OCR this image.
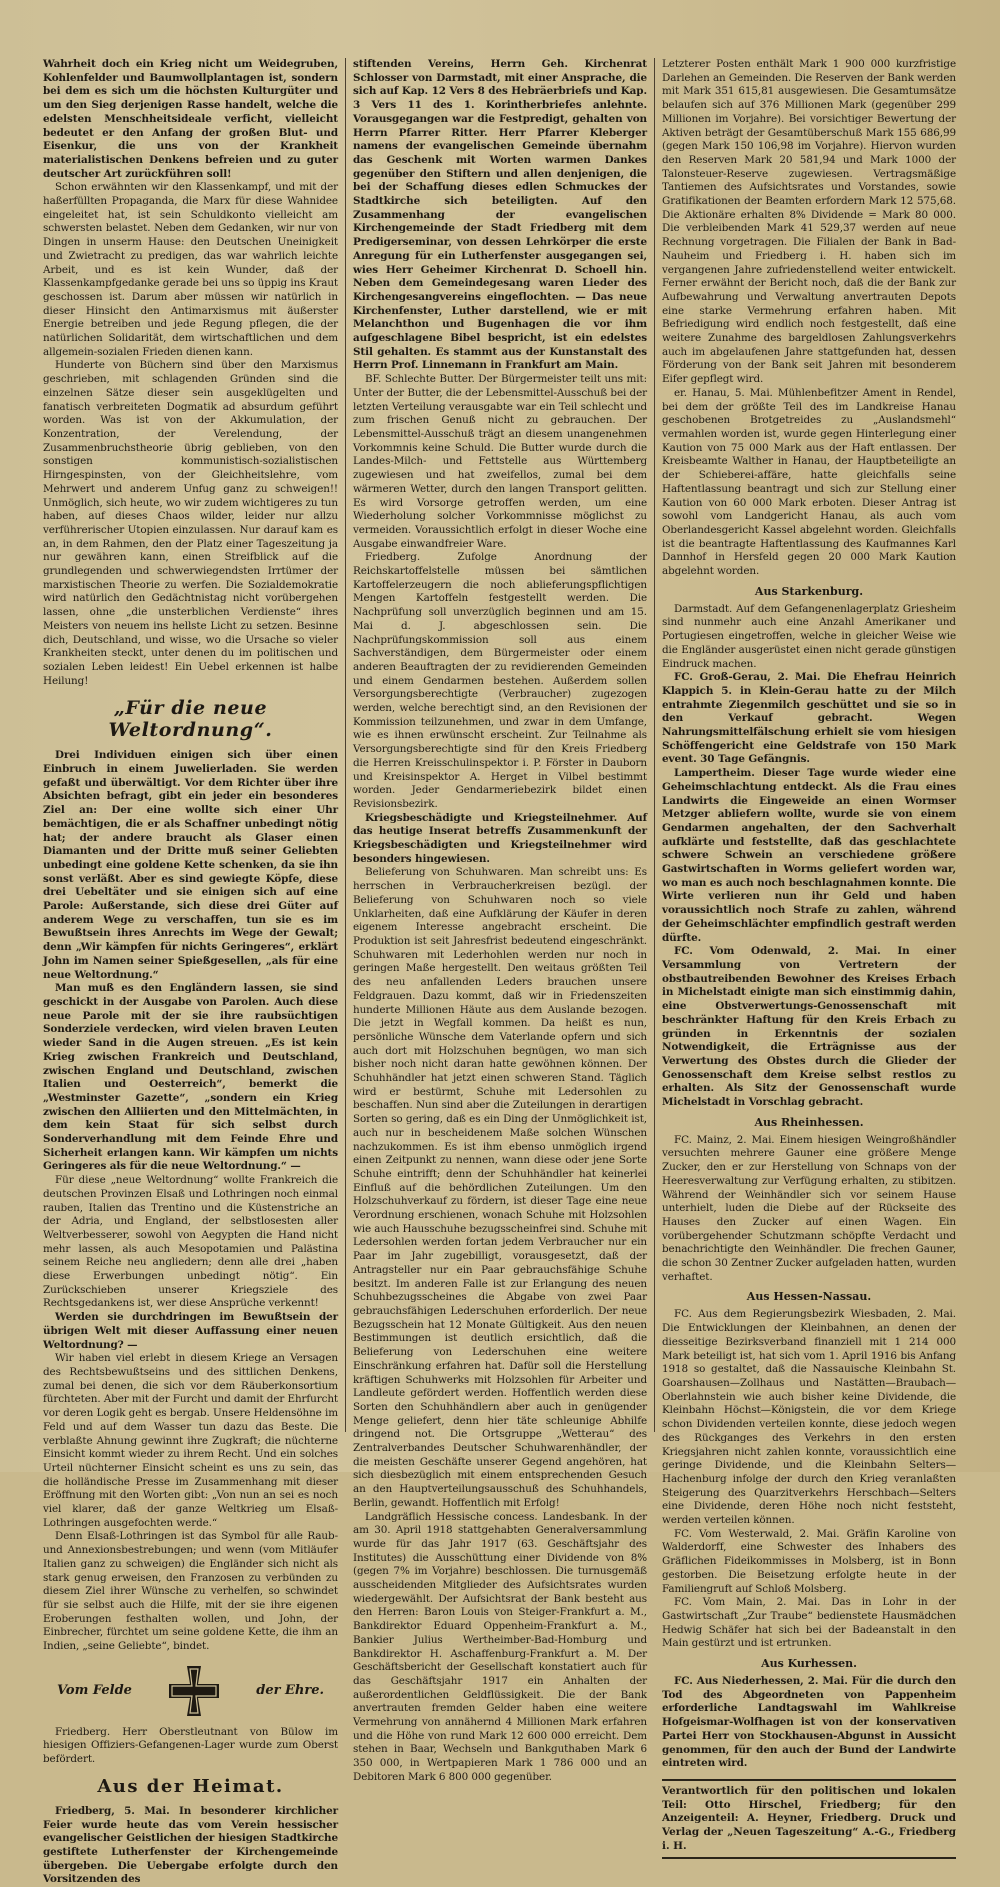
Wahrheit doch ein Krieg nicht um Weidegruben, Kohlenfelder und Baumwollplantagen ist, sondern bei dem es sich um die höchsten Kulturgüter und um den Sieg derjenigen Rasse handelt, welche die edelsten Menschheitsideale verficht, vielleicht bedeutet er den Anfang der großen Blut- und Eisenkur, die uns von der Krankheit materialistischen Denkens befreien und zu guter deutscher Art zurückführen soll!

Schon erwähnten wir den Klassenkampf, und mit der haßerfüllten Propaganda, die Marx für diese Wahnidee eingeleitet hat, ist sein Schuldkonto vielleicht am schwersten belastet. Neben dem Gedanken, wir nur von Dingen in unserm Hause: den Deutschen Uneinigkeit und Zwietracht zu predigen, das war wahrlich leichte Arbeit, und es ist kein Wunder, daß der Klassenkampfgedanke gerade bei uns so üppig ins Kraut geschossen ist. Darum aber müssen wir natürlich in dieser Hinsicht den Antimarxismus mit äußerster Energie betreiben und jede Regung pflegen, die der natürlichen Solidarität, dem wirtschaftlichen und dem allgemein-sozialen Frieden dienen kann.

Hunderte von Büchern sind über den Marxismus geschrieben, mit schlagenden Gründen sind die einzelnen Sätze dieser sein ausgeklügelten und fanatisch verbreiteten Dogmatik ad absurdum geführt worden. Was ist von der Akkumulation, der Konzentration, der Verelendung, der Zusammenbruchstheorie übrig geblieben, von den sonstigen kommunistisch-sozialistischen Hirngespinsten, von der Gleichheitslehre, vom Mehrwert und anderem Unfug ganz zu schweigen!! Unmöglich, sich heute, wo wir zudem wichtigeres zu tun haben, auf dieses Chaos wilder, leider nur allzu verführerischer Utopien einzulassen. Nur darauf kam es an, in dem Rahmen, den der Platz einer Tageszeitung ja nur gewähren kann, einen Streifblick auf die grundlegenden und schwerwiegendsten Irrtümer der marxistischen Theorie zu werfen. Die Sozialdemokratie wird natürlich den Gedächtnistag nicht vorübergehen lassen, ohne „die unsterblichen Verdienste“ ihres Meisters von neuem ins hellste Licht zu setzen. Besinne dich, Deutschland, und wisse, wo die Ursache so vieler Krankheiten steckt, unter denen du im politischen und sozialen Leben leidest! Ein Uebel erkennen ist halbe Heilung!

„Für die neue Weltordnung“.

Drei Individuen einigen sich über einen Einbruch in einem Juwelierladen. Sie werden gefaßt und überwältigt. Vor dem Richter über ihre Absichten befragt, gibt ein jeder ein besonderes Ziel an: Der eine wollte sich einer Uhr bemächtigen, die er als Schaffner unbedingt nötig hat; der andere braucht als Glaser einen Diamanten und der Dritte muß seiner Geliebten unbedingt eine goldene Kette schenken, da sie ihn sonst verläßt. Aber es sind gewiegte Köpfe, diese drei Uebeltäter und sie einigen sich auf eine Parole: Außerstande, sich diese drei Güter auf anderem Wege zu verschaffen, tun sie es im Bewußtsein ihres Anrechts im Wege der Gewalt; denn „Wir kämpfen für nichts Geringeres“, erklärt John im Namen seiner Spießgesellen, „als für eine neue Weltordnung.“

Man muß es den Engländern lassen, sie sind geschickt in der Ausgabe von Parolen. Auch diese neue Parole mit der sie ihre raubsüchtigen Sonderziele verdecken, wird vielen braven Leuten wieder Sand in die Augen streuen. „Es ist kein Krieg zwischen Frankreich und Deutschland, zwischen England und Deutschland, zwischen Italien und Oesterreich“, bemerkt die „Westminster Gazette“, „sondern ein Krieg zwischen den Alliierten und den Mittelmächten, in dem kein Staat für sich selbst durch Sonderverhandlung mit dem Feinde Ehre und Sicherheit erlangen kann. Wir kämpfen um nichts Geringeres als für die neue Weltordnung.“ —

Für diese „neue Weltordnung“ wollte Frankreich die deutschen Provinzen Elsaß und Lothringen noch einmal rauben, Italien das Trentino und die Küstenstriche an der Adria, und England, der selbstlosesten aller Weltverbesserer, sowohl von Aegypten die Hand nicht mehr lassen, als auch Mesopotamien und Palästina seinem Reiche neu angliedern; denn alle drei „haben diese Erwerbungen unbedingt nötig“. Ein Zurückschieben unserer Kriegsziele des Rechtsgedankens ist, wer diese Ansprüche verkennt!

Werden sie durchdringen im Bewußtsein der übrigen Welt mit dieser Auffassung einer neuen Weltordnung? —

Wir haben viel erlebt in diesem Kriege an Versagen des Rechtsbewußtseins und des sittlichen Denkens, zumal bei denen, die sich vor dem Räuberkonsortium fürchteten. Aber mit der Furcht und damit der Ehrfurcht vor deren Logik geht es bergab. Unsere Heldensöhne im Feld und auf dem Wasser tun dazu das Beste. Die verblaßte Ahnung gewinnt ihre Zugkraft; die nüchterne Einsicht kommt wieder zu ihrem Recht. Und ein solches Urteil nüchterner Einsicht scheint es uns zu sein, das die holländische Presse im Zusammenhang mit dieser Eröffnung mit den Worten gibt: „Von nun an sei es noch viel klarer, daß der ganze Weltkrieg um Elsaß-Lothringen ausgefochten werde.“

Denn Elsaß-Lothringen ist das Symbol für alle Raub- und Annexionsbestrebungen; und wenn (vom Mitläufer Italien ganz zu schweigen) die Engländer sich nicht als stark genug erweisen, den Franzosen zu verbünden zu diesem Ziel ihrer Wünsche zu verhelfen, so schwindet für sie selbst auch die Hilfe, mit der sie ihre eigenen Eroberungen festhalten wollen, und John, der Einbrecher, fürchtet um seine goldene Kette, die ihm an Indien, „seine Geliebte“, bindet.

Vom Felde	der Ehre.

Friedberg. Herr Oberstleutnant von Bülow im hiesigen Offiziers-Gefangenen-Lager wurde zum Oberst befördert.

Aus der Heimat.

Friedberg, 5. Mai. In besonderer kirchlicher Feier wurde heute das vom Verein hessischer evangelischer Geistlichen der hiesigen Stadtkirche gestiftete Lutherfenster der Kirchengemeinde übergeben. Die Uebergabe erfolgte durch den Vorsitzenden des

stiftenden Vereins, Herrn Geh. Kirchenrat Schlosser von Darmstadt, mit einer Ansprache, die sich auf Kap. 12 Vers 8 des Hebräerbriefs und Kap. 3 Vers 11 des 1. Korintherbriefes anlehnte. Vorausgegangen war die Festpredigt, gehalten von Herrn Pfarrer Ritter. Herr Pfarrer Kleberger namens der evangelischen Gemeinde übernahm das Geschenk mit Worten warmen Dankes gegenüber den Stiftern und allen denjenigen, die bei der Schaffung dieses edlen Schmuckes der Stadtkirche sich beteiligten. Auf den Zusammenhang der evangelischen Kirchengemeinde der Stadt Friedberg mit dem Predigerseminar, von dessen Lehrkörper die erste Anregung für ein Lutherfenster ausgegangen sei, wies Herr Geheimer Kirchenrat D. Schoell hin. Neben dem Gemeindegesang waren Lieder des Kirchengesangvereins eingeflochten. — Das neue Kirchenfenster, Luther darstellend, wie er mit Melanchthon und Bugenhagen die vor ihm aufgeschlagene Bibel bespricht, ist ein edelstes Stil gehalten. Es stammt aus der Kunstanstalt des Herrn Prof. Linnemann in Frankfurt am Main.

BF. Schlechte Butter. Der Bürgermeister teilt uns mit: Unter der Butter, die der Lebensmittel-Ausschuß bei der letzten Verteilung verausgabte war ein Teil schlecht und zum frischen Genuß nicht zu gebrauchen. Der Lebensmittel-Ausschuß trägt an diesem unangenehmen Vorkommnis keine Schuld. Die Butter wurde durch die Landes-Milch- und Fettstelle aus Württemberg zugewiesen und hat zweifellos, zumal bei dem wärmeren Wetter, durch den langen Transport gelitten. Es wird Vorsorge getroffen werden, um eine Wiederholung solcher Vorkommnisse möglichst zu vermeiden. Voraussichtlich erfolgt in dieser Woche eine Ausgabe einwandfreier Ware.

Friedberg. Zufolge Anordnung der Reichskartoffelstelle müssen bei sämtlichen Kartoffelerzeugern die noch ablieferungspflichtigen Mengen Kartoffeln festgestellt werden. Die Nachprüfung soll unverzüglich beginnen und am 15. Mai d. J. abgeschlossen sein. Die Nachprüfungskommission soll aus einem Sachverständigen, dem Bürgermeister oder einem anderen Beauftragten der zu revidierenden Gemeinden und einem Gendarmen bestehen. Außerdem sollen Versorgungsberechtigte (Verbraucher) zugezogen werden, welche berechtigt sind, an den Revisionen der Kommission teilzunehmen, und zwar in dem Umfange, wie es ihnen erwünscht erscheint. Zur Teilnahme als Versorgungsberechtigte sind für den Kreis Friedberg die Herren Kreisschulinspektor i. P. Förster in Dauborn und Kreisinspektor A. Herget in Vilbel bestimmt worden. Jeder Gendarmeriebezirk bildet einen Revisionsbezirk.

Kriegsbeschädigte und Kriegsteilnehmer. Auf das heutige Inserat betreffs Zusammenkunft der Kriegsbeschädigten und Kriegsteilnehmer wird besonders hingewiesen.

Belieferung von Schuhwaren. Man schreibt uns: Es herrschen in Verbraucherkreisen bezügl. der Belieferung von Schuhwaren noch so viele Unklarheiten, daß eine Aufklärung der Käufer in deren eigenem Interesse angebracht erscheint. Die Produktion ist seit Jahresfrist bedeutend eingeschränkt. Schuhwaren mit Lederhohlen werden nur noch in geringen Maße hergestellt. Den weitaus größten Teil des neu anfallenden Leders brauchen unsere Feldgrauen. Dazu kommt, daß wir in Friedenszeiten hunderte Millionen Häute aus dem Auslande bezogen. Die jetzt in Wegfall kommen. Da heißt es nun, persönliche Wünsche dem Vaterlande opfern und sich auch dort mit Holzschuhen begnügen, wo man sich bisher noch nicht daran hatte gewöhnen können. Der Schuhhändler hat jetzt einen schweren Stand. Täglich wird er bestürmt, Schuhe mit Ledersohlen zu beschaffen. Nun sind aber die Zuteilungen in derartigen Sorten so gering, daß es ein Ding der Unmöglichkeit ist, auch nur in bescheidenem Maße solchen Wünschen nachzukommen. Es ist ihm ebenso unmöglich irgend einen Zeitpunkt zu nennen, wann diese oder jene Sorte Schuhe eintrifft; denn der Schuhhändler hat keinerlei Einfluß auf die behördlichen Zuteilungen. Um den Holzschuhverkauf zu fördern, ist dieser Tage eine neue Verordnung erschienen, wonach Schuhe mit Holzsohlen wie auch Hausschuhe bezugsscheinfrei sind. Schuhe mit Ledersohlen werden fortan jedem Verbraucher nur ein Paar im Jahr zugebilligt, vorausgesetzt, daß der Antragsteller nur ein Paar gebrauchsfähige Schuhe besitzt. Im anderen Falle ist zur Erlangung des neuen Schuhbezugsscheines die Abgabe von zwei Paar gebrauchsfähigen Lederschuhen erforderlich. Der neue Bezugsschein hat 12 Monate Gültigkeit. Aus den neuen Bestimmungen ist deutlich ersichtlich, daß die Belieferung von Lederschuhen eine weitere Einschränkung erfahren hat. Dafür soll die Herstellung kräftigen Schuhwerks mit Holzsohlen für Arbeiter und Landleute gefördert werden. Hoffentlich werden diese Sorten den Schuhhändlern aber auch in genügender Menge geliefert, denn hier täte schleunige Abhilfe dringend not. Die Ortsgruppe „Wetterau“ des Zentralverbandes Deutscher Schuhwarenhändler, der die meisten Geschäfte unserer Gegend angehören, hat sich diesbezüglich mit einem entsprechenden Gesuch an den Hauptverteilungsausschuß des Schuhhandels, Berlin, gewandt. Hoffentlich mit Erfolg!

Landgräflich Hessische concess. Landesbank. In der am 30. April 1918 stattgehabten Generalversammlung wurde für das Jahr 1917 (63. Geschäftsjahr des Institutes) die Ausschüttung einer Dividende von 8% (gegen 7% im Vorjahre) beschlossen. Die turnusgemäß ausscheidenden Mitglieder des Aufsichtsrates wurden wiedergewählt. Der Aufsichtsrat der Bank besteht aus den Herren: Baron Louis von Steiger-Frankfurt a. M., Bankdirektor Eduard Oppenheim-Frankfurt a. M., Bankier Julius Wertheimber-Bad-Homburg und Bankdirektor H. Aschaffenburg-Frankfurt a. M. Der Geschäftsbericht der Gesellschaft konstatiert auch für das Geschäftsjahr 1917 ein Anhalten der außerordentlichen Geldflüssigkeit. Die der Bank anvertrauten fremden Gelder haben eine weitere Vermehrung von annähernd 4 Millionen Mark erfahren und die Höhe von rund Mark 12 600 000 erreicht. Dem stehen in Baar, Wechseln und Bankguthaben Mark 6 350 000, in Wertpapieren Mark 1 786 000 und an Debitoren Mark 6 800 000 gegenüber.

Letzterer Posten enthält Mark 1 900 000 kurzfristige Darlehen an Gemeinden. Die Reserven der Bank werden mit Mark 351 615,81 ausgewiesen. Die Gesamtumsätze belaufen sich auf 376 Millionen Mark (gegenüber 299 Millionen im Vorjahre). Bei vorsichtiger Bewertung der Aktiven beträgt der Gesamtüberschuß Mark 155 686,99 (gegen Mark 150 106,98 im Vorjahre). Hiervon wurden den Reserven Mark 20 581,94 und Mark 1000 der Talonsteuer-Reserve zugewiesen. Vertragsmäßige Tantiemen des Aufsichtsrates und Vorstandes, sowie Gratifikationen der Beamten erfordern Mark 12 575,68. Die Aktionäre erhalten 8% Dividende = Mark 80 000. Die verbleibenden Mark 41 529,37 werden auf neue Rechnung vorgetragen. Die Filialen der Bank in Bad-Nauheim und Friedberg i. H. haben sich im vergangenen Jahre zufriedenstellend weiter entwickelt. Ferner erwähnt der Bericht noch, daß die der Bank zur Aufbewahrung und Verwaltung anvertrauten Depots eine starke Vermehrung erfahren haben. Mit Befriedigung wird endlich noch festgestellt, daß eine weitere Zunahme des bargeldlosen Zahlungsverkehrs auch im abgelaufenen Jahre stattgefunden hat, dessen Förderung von der Bank seit Jahren mit besonderem Eifer gepflegt wird.

er. Hanau, 5. Mai. Mühlenbefitzer Ament in Rendel, bei dem der größte Teil des im Landkreise Hanau geschobenen Brotgetreides zu „Auslandsmehl“ vermahlen worden ist, wurde gegen Hinterlegung einer Kaution von 75 000 Mark aus der Haft entlassen. Der Kreisbeamte Walther in Hanau, der Hauptbeteiligte an der Schieberei-affäre, hatte gleichfalls seine Haftentlassung beantragt und sich zur Stellung einer Kaution von 60 000 Mark erboten. Dieser Antrag ist sowohl vom Landgericht Hanau, als auch vom Oberlandesgericht Kassel abgelehnt worden. Gleichfalls ist die beantragte Haftentlassung des Kaufmannes Karl Dannhof in Hersfeld gegen 20 000 Mark Kaution abgelehnt worden.

Aus Starkenburg.

Darmstadt. Auf dem Gefangenenlagerplatz Griesheim sind nunmehr auch eine Anzahl Amerikaner und Portugiesen eingetroffen, welche in gleicher Weise wie die Engländer ausgerüstet einen nicht gerade günstigen Eindruck machen.

FC. Groß-Gerau, 2. Mai. Die Ehefrau Heinrich Klappich 5. in Klein-Gerau hatte zu der Milch entrahmte Ziegenmilch geschüttet und sie so in den Verkauf gebracht. Wegen Nahrungsmittelfälschung erhielt sie vom hiesigen Schöffengericht eine Geldstrafe von 150 Mark event. 30 Tage Gefängnis.

Lampertheim. Dieser Tage wurde wieder eine Geheimschlachtung entdeckt. Als die Frau eines Landwirts die Eingeweide an einen Wormser Metzger abliefern wollte, wurde sie von einem Gendarmen angehalten, der den Sachverhalt aufklärte und feststellte, daß das geschlachtete schwere Schwein an verschiedene größere Gastwirtschaften in Worms geliefert worden war, wo man es auch noch beschlagnahmen konnte. Die Wirte verlieren nun ihr Geld und haben voraussichtlich noch Strafe zu zahlen, während der Geheimschlächter empfindlich gestraft werden dürfte.

FC. Vom Odenwald, 2. Mai. In einer Versammlung von Vertretern der obstbautreibenden Bewohner des Kreises Erbach in Michelstadt einigte man sich einstimmig dahin, eine Obstverwertungs-Genossenschaft mit beschränkter Haftung für den Kreis Erbach zu gründen in Erkenntnis der sozialen Notwendigkeit, die Erträgnisse aus der Verwertung des Obstes durch die Glieder der Genossenschaft dem Kreise selbst restlos zu erhalten. Als Sitz der Genossenschaft wurde Michelstadt in Vorschlag gebracht.

Aus Rheinhessen.

FC. Mainz, 2. Mai. Einem hiesigen Weingroßhändler versuchten mehrere Gauner eine größere Menge Zucker, den er zur Herstellung von Schnaps von der Heeresverwaltung zur Verfügung erhalten, zu stibitzen. Während der Weinhändler sich vor seinem Hause unterhielt, luden die Diebe auf der Rückseite des Hauses den Zucker auf einen Wagen. Ein vorübergehender Schutzmann schöpfte Verdacht und benachrichtigte den Weinhändler. Die frechen Gauner, die schon 30 Zentner Zucker aufgeladen hatten, wurden verhaftet.

Aus Hessen-Nassau.

FC. Aus dem Regierungsbezirk Wiesbaden, 2. Mai. Die Entwicklungen der Kleinbahnen, an denen der diesseitige Bezirksverband finanziell mit 1 214 000 Mark beteiligt ist, hat sich vom 1. April 1916 bis Anfang 1918 so gestaltet, daß die Nassauische Kleinbahn St. Goarshausen—Zollhaus und Nastätten—Braubach—Oberlahnstein wie auch bisher keine Dividende, die Kleinbahn Höchst—Königstein, die vor dem Kriege schon Dividenden verteilen konnte, diese jedoch wegen des Rückganges des Verkehrs in den ersten Kriegsjahren nicht zahlen konnte, voraussichtlich eine geringe Dividende, und die Kleinbahn Selters—Hachenburg infolge der durch den Krieg veranlaßten Steigerung des Quarzitverkehrs Herschbach—Selters eine Dividende, deren Höhe noch nicht feststeht, werden verteilen können.

FC. Vom Westerwald, 2. Mai. Gräfin Karoline von Walderdorff, eine Schwester des Inhabers des Gräflichen Fideikommisses in Molsberg, ist in Bonn gestorben. Die Beisetzung erfolgte heute in der Familiengruft auf Schloß Molsberg.

FC. Vom Main, 2. Mai. Das in Lohr in der Gastwirtschaft „Zur Traube“ bedienstete Hausmädchen Hedwig Schäfer hat sich bei der Badeanstalt in den Main gestürzt und ist ertrunken.

Aus Kurhessen.

FC. Aus Niederhessen, 2. Mai. Für die durch den Tod des Abgeordneten von Pappenheim erforderliche Landtagswahl im Wahlkreise Hofgeismar-Wolfhagen ist von der konservativen Partei Herr von Stockhausen-Abgunst in Aussicht genommen, für den auch der Bund der Landwirte eintreten wird.

Verantwortlich für den politischen und lokalen Teil: Otto Hirschel, Friedberg; für den Anzeigenteil: A. Heyner, Friedberg. Druck und Verlag der „Neuen Tageszeitung“ A.-G., Friedberg i. H.
